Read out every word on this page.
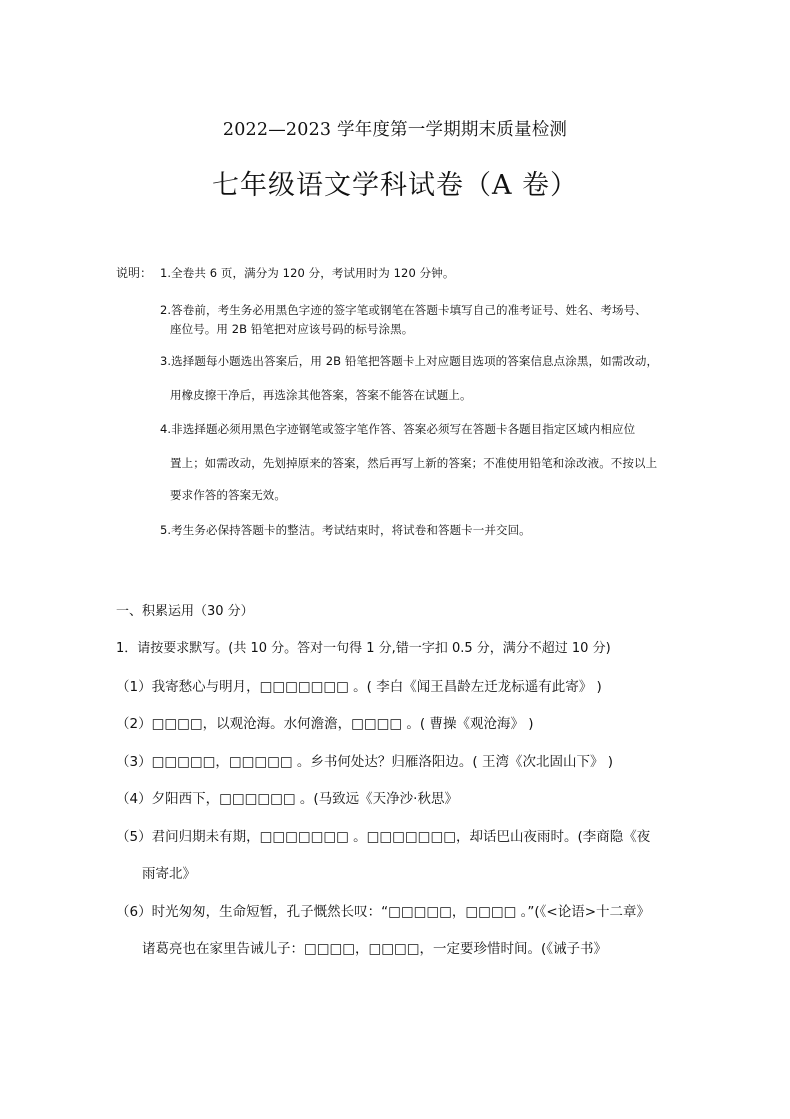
2022—2023 学年度第一学期期末质量检测
七年级语文学科试卷（A 卷）
说明： 1.全卷共 6 页，满分为 120 分，考试用时为 120 分钟。
2.答卷前，考生务必用黑色字迹的签字笔或钢笔在答题卡填写自己的准考证号、姓名、考场号、
座位号。用 2B 铅笔把对应该号码的标号涂黑。
3.选择题每小题选出答案后，用 2B 铅笔把答题卡上对应题目选项的答案信息点涂黑，如需改动，
用橡皮擦干净后，再选涂其他答案，答案不能答在试题上。
4.非选择题必须用黑色字迹钢笔或签字笔作答、答案必须写在答题卡各题目指定区域内相应位
置上；如需改动，先划掉原来的答案，然后再写上新的答案；不准使用铅笔和涂改液。不按以上
要求作答的答案无效。
5.考生务必保持答题卡的整洁。考试结束时，将试卷和答题卡一并交回。
一、积累运用（30 分）
1．请按要求默写。(共 10 分。答对一句得 1 分,错一字扣 0.5 分，满分不超过 10 分)
（1）我寄愁心与明月，□□□□□□□ 。( 李白《闻王昌龄左迁龙标遥有此寄》 )
（2）□□□□，以观沧海。水何澹澹，□□□□ 。( 曹操《观沧海》 )
（3）□□□□□，□□□□□ 。乡书何处达？归雁洛阳边。( 王湾《次北固山下》 )
（4）夕阳西下，□□□□□□ 。(马致远《天净沙·秋思》
（5）君问归期未有期，□□□□□□□ 。□□□□□□□，却话巴山夜雨时。(李商隐《夜
雨寄北》
（6）时光匆匆，生命短暂，孔子慨然长叹：“□□□□□，□□□□ 。”(《<论语>十二章》
诸葛亮也在家里告诫儿子：□□□□，□□□□，一定要珍惜时间。(《诫子书》
